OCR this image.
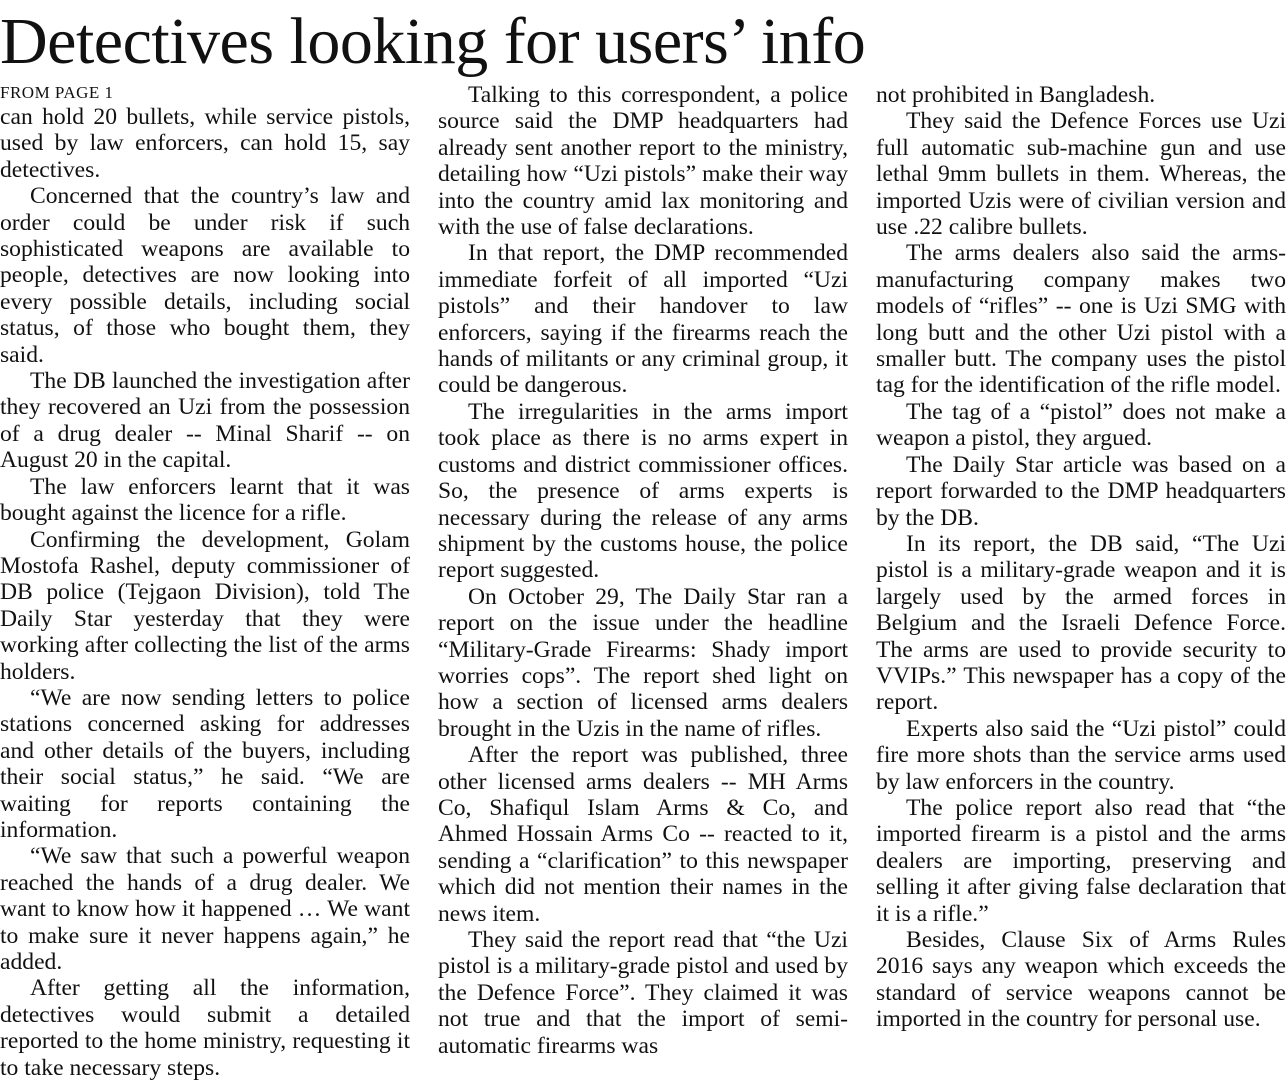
Detectives looking for users’ info
FROM PAGE 1

can hold 20 bullets, while service pistols, used by law enforcers, can hold 15, say detectives.

Concerned that the country’s law and order could be under risk if such sophisticated weapons are available to people, detectives are now looking into every possible details, including social status, of those who bought them, they said.

The DB launched the investigation after they recovered an Uzi from the possession of a drug dealer -- Minal Sharif -- on August 20 in the capital.

The law enforcers learnt that it was bought against the licence for a rifle.

Confirming the development, Golam Mostofa Rashel, deputy commissioner of DB police (Tejgaon Division), told The Daily Star yesterday that they were working after collecting the list of the arms holders.

“We are now sending letters to police stations concerned asking for addresses and other details of the buyers, including their social status,” he said. “We are waiting for reports containing the information.

“We saw that such a powerful weapon reached the hands of a drug dealer. We want to know how it happened … We want to make sure it never happens again,” he added.

After getting all the information, detectives would submit a detailed reported to the home ministry, requesting it to take necessary steps.

Talking to this correspondent, a police source said the DMP headquarters had already sent another report to the ministry, detailing how “Uzi pistols” make their way into the country amid lax monitoring and with the use of false declarations.

In that report, the DMP recommended immediate forfeit of all imported “Uzi pistols” and their handover to law enforcers, saying if the firearms reach the hands of militants or any criminal group, it could be dangerous.

The irregularities in the arms import took place as there is no arms expert in customs and district commissioner offices. So, the presence of arms experts is necessary during the release of any arms shipment by the customs house, the police report suggested.

On October 29, The Daily Star ran a report on the issue under the headline “Military-Grade Firearms: Shady import worries cops”. The report shed light on how a section of licensed arms dealers brought in the Uzis in the name of rifles.

After the report was published, three other licensed arms dealers -- MH Arms Co, Shafiqul Islam Arms & Co, and Ahmed Hossain Arms Co -- reacted to it, sending a “clarification” to this newspaper which did not mention their names in the news item.

They said the report read that “the Uzi pistol is a military-grade pistol and used by the Defence Force”. They claimed it was not true and that the import of semi-automatic firearms was

not prohibited in Bangladesh.

They said the Defence Forces use Uzi full automatic sub-machine gun and use lethal 9mm bullets in them. Whereas, the imported Uzis were of civilian version and use .22 calibre bullets.

The arms dealers also said the arms-manufacturing company makes two models of “rifles” -- one is Uzi SMG with long butt and the other Uzi pistol with a smaller butt. The company uses the pistol tag for the identification of the rifle model.

The tag of a “pistol” does not make a weapon a pistol, they argued.

The Daily Star article was based on a report forwarded to the DMP headquarters by the DB.

In its report, the DB said, “The Uzi pistol is a military-grade weapon and it is largely used by the armed forces in Belgium and the Israeli Defence Force. The arms are used to provide security to VVIPs.” This newspaper has a copy of the report.

Experts also said the “Uzi pistol” could fire more shots than the service arms used by law enforcers in the country.

The police report also read that “the imported firearm is a pistol and the arms dealers are importing, preserving and selling it after giving false declaration that it is a rifle.”

Besides, Clause Six of Arms Rules 2016 says any weapon which exceeds the standard of service weapons cannot be imported in the country for personal use.
